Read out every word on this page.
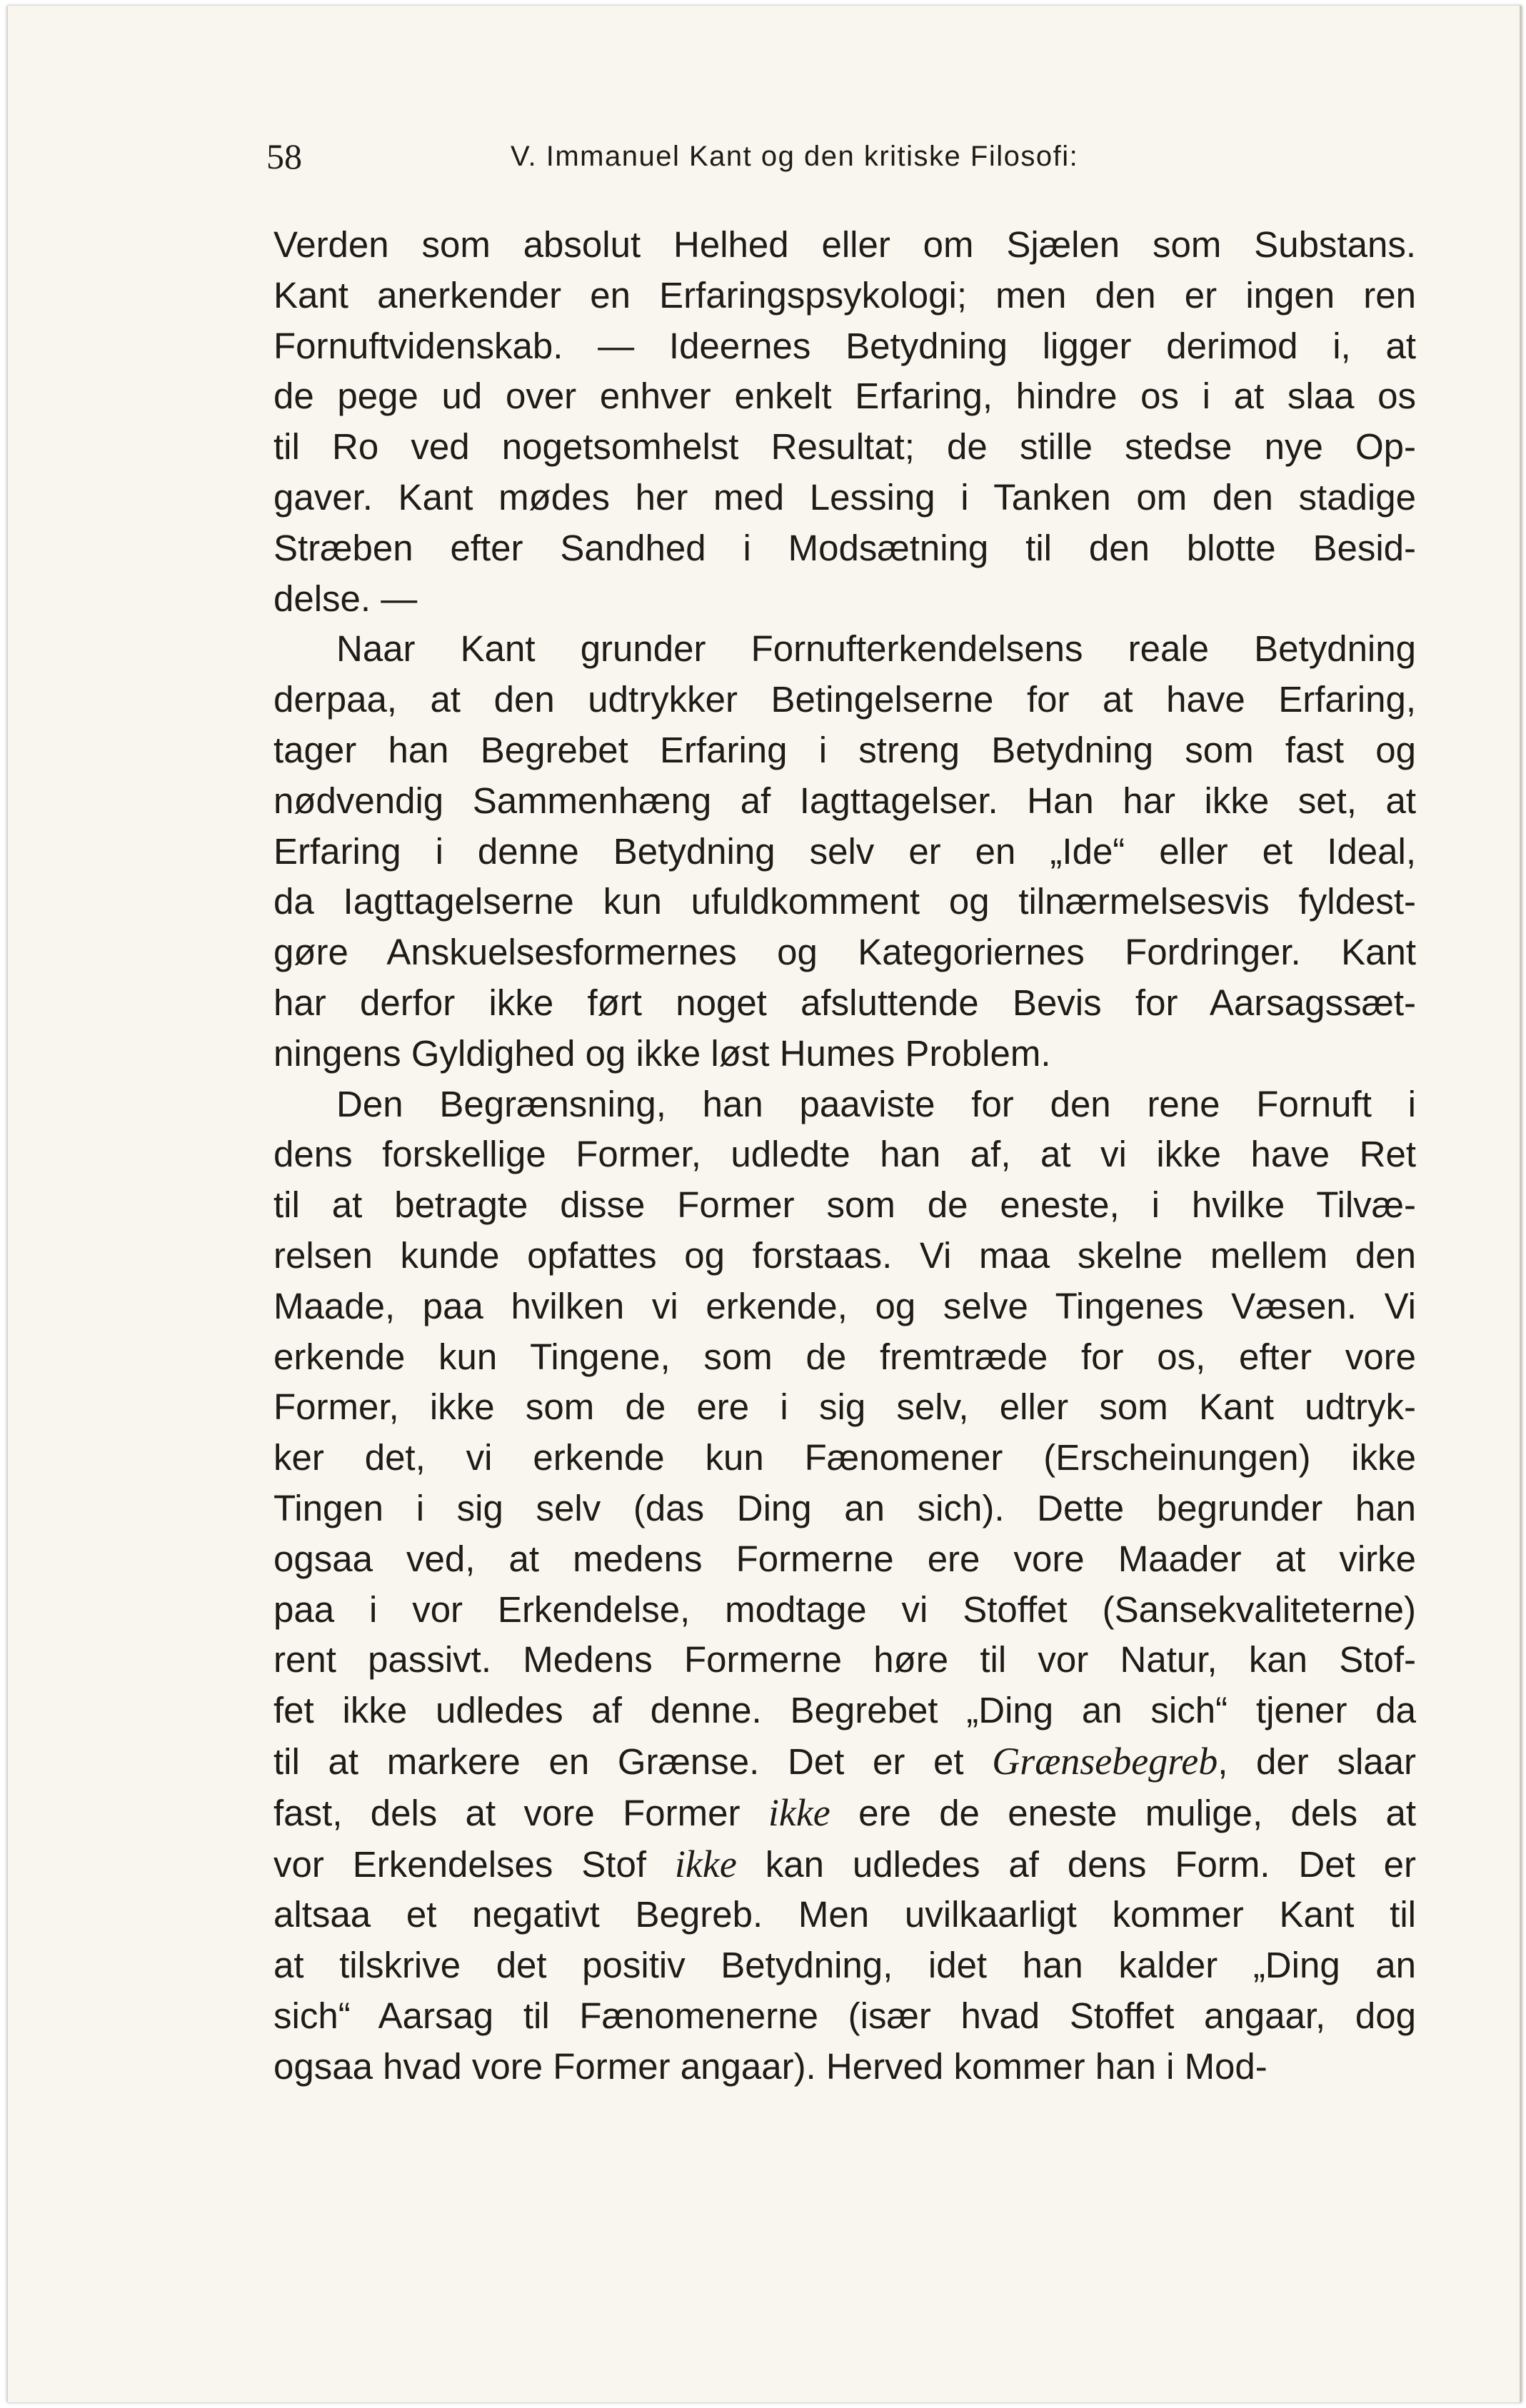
58	V. Immanuel Kant og den kritiske Filosofi:
Verden som absolut Helhed eller om Sjælen som Substans.
Kant anerkender en Erfaringspsykologi; men den er ingen ren
Fornuftvidenskab. — Ideernes Betydning ligger derimod i, at
de pege ud over enhver enkelt Erfaring, hindre os i at slaa os
til Ro ved nogetsomhelst Resultat; de stille stedse nye Op-
gaver. Kant mødes her med Lessing i Tanken om den stadige
Stræben efter Sandhed i Modsætning til den blotte Besid-
delse. —
Naar Kant grunder Fornufterkendelsens reale Betydning
derpaa, at den udtrykker Betingelserne for at have Erfaring,
tager han Begrebet Erfaring i streng Betydning som fast og
nødvendig Sammenhæng af Iagttagelser. Han har ikke set, at
Erfaring i denne Betydning selv er en „Ide“ eller et Ideal,
da Iagttagelserne kun ufuldkomment og tilnærmelsesvis fyldest-
gøre Anskuelsesformernes og Kategoriernes Fordringer. Kant
har derfor ikke ført noget afsluttende Bevis for Aarsagssæt-
ningens Gyldighed og ikke løst Humes Problem.
Den Begrænsning, han paaviste for den rene Fornuft i
dens forskellige Former, udledte han af, at vi ikke have Ret
til at betragte disse Former som de eneste, i hvilke Tilvæ-
relsen kunde opfattes og forstaas. Vi maa skelne mellem den
Maade, paa hvilken vi erkende, og selve Tingenes Væsen. Vi
erkende kun Tingene, som de fremtræde for os, efter vore
Former, ikke som de ere i sig selv, eller som Kant udtryk-
ker det, vi erkende kun Fænomener (Erscheinungen) ikke
Tingen i sig selv (das Ding an sich). Dette begrunder han
ogsaa ved, at medens Formerne ere vore Maader at virke
paa i vor Erkendelse, modtage vi Stoffet (Sansekvaliteterne)
rent passivt. Medens Formerne høre til vor Natur, kan Stof-
fet ikke udledes af denne. Begrebet „Ding an sich“ tjener da
til at markere en Grænse. Det er et Grænsebegreb, der slaar
fast, dels at vore Former ikke ere de eneste mulige, dels at
vor Erkendelses Stof ikke kan udledes af dens Form. Det er
altsaa et negativt Begreb. Men uvilkaarligt kommer Kant til
at tilskrive det positiv Betydning, idet han kalder „Ding an
sich“ Aarsag til Fænomenerne (især hvad Stoffet angaar, dog
ogsaa hvad vore Former angaar). Herved kommer han i Mod-
